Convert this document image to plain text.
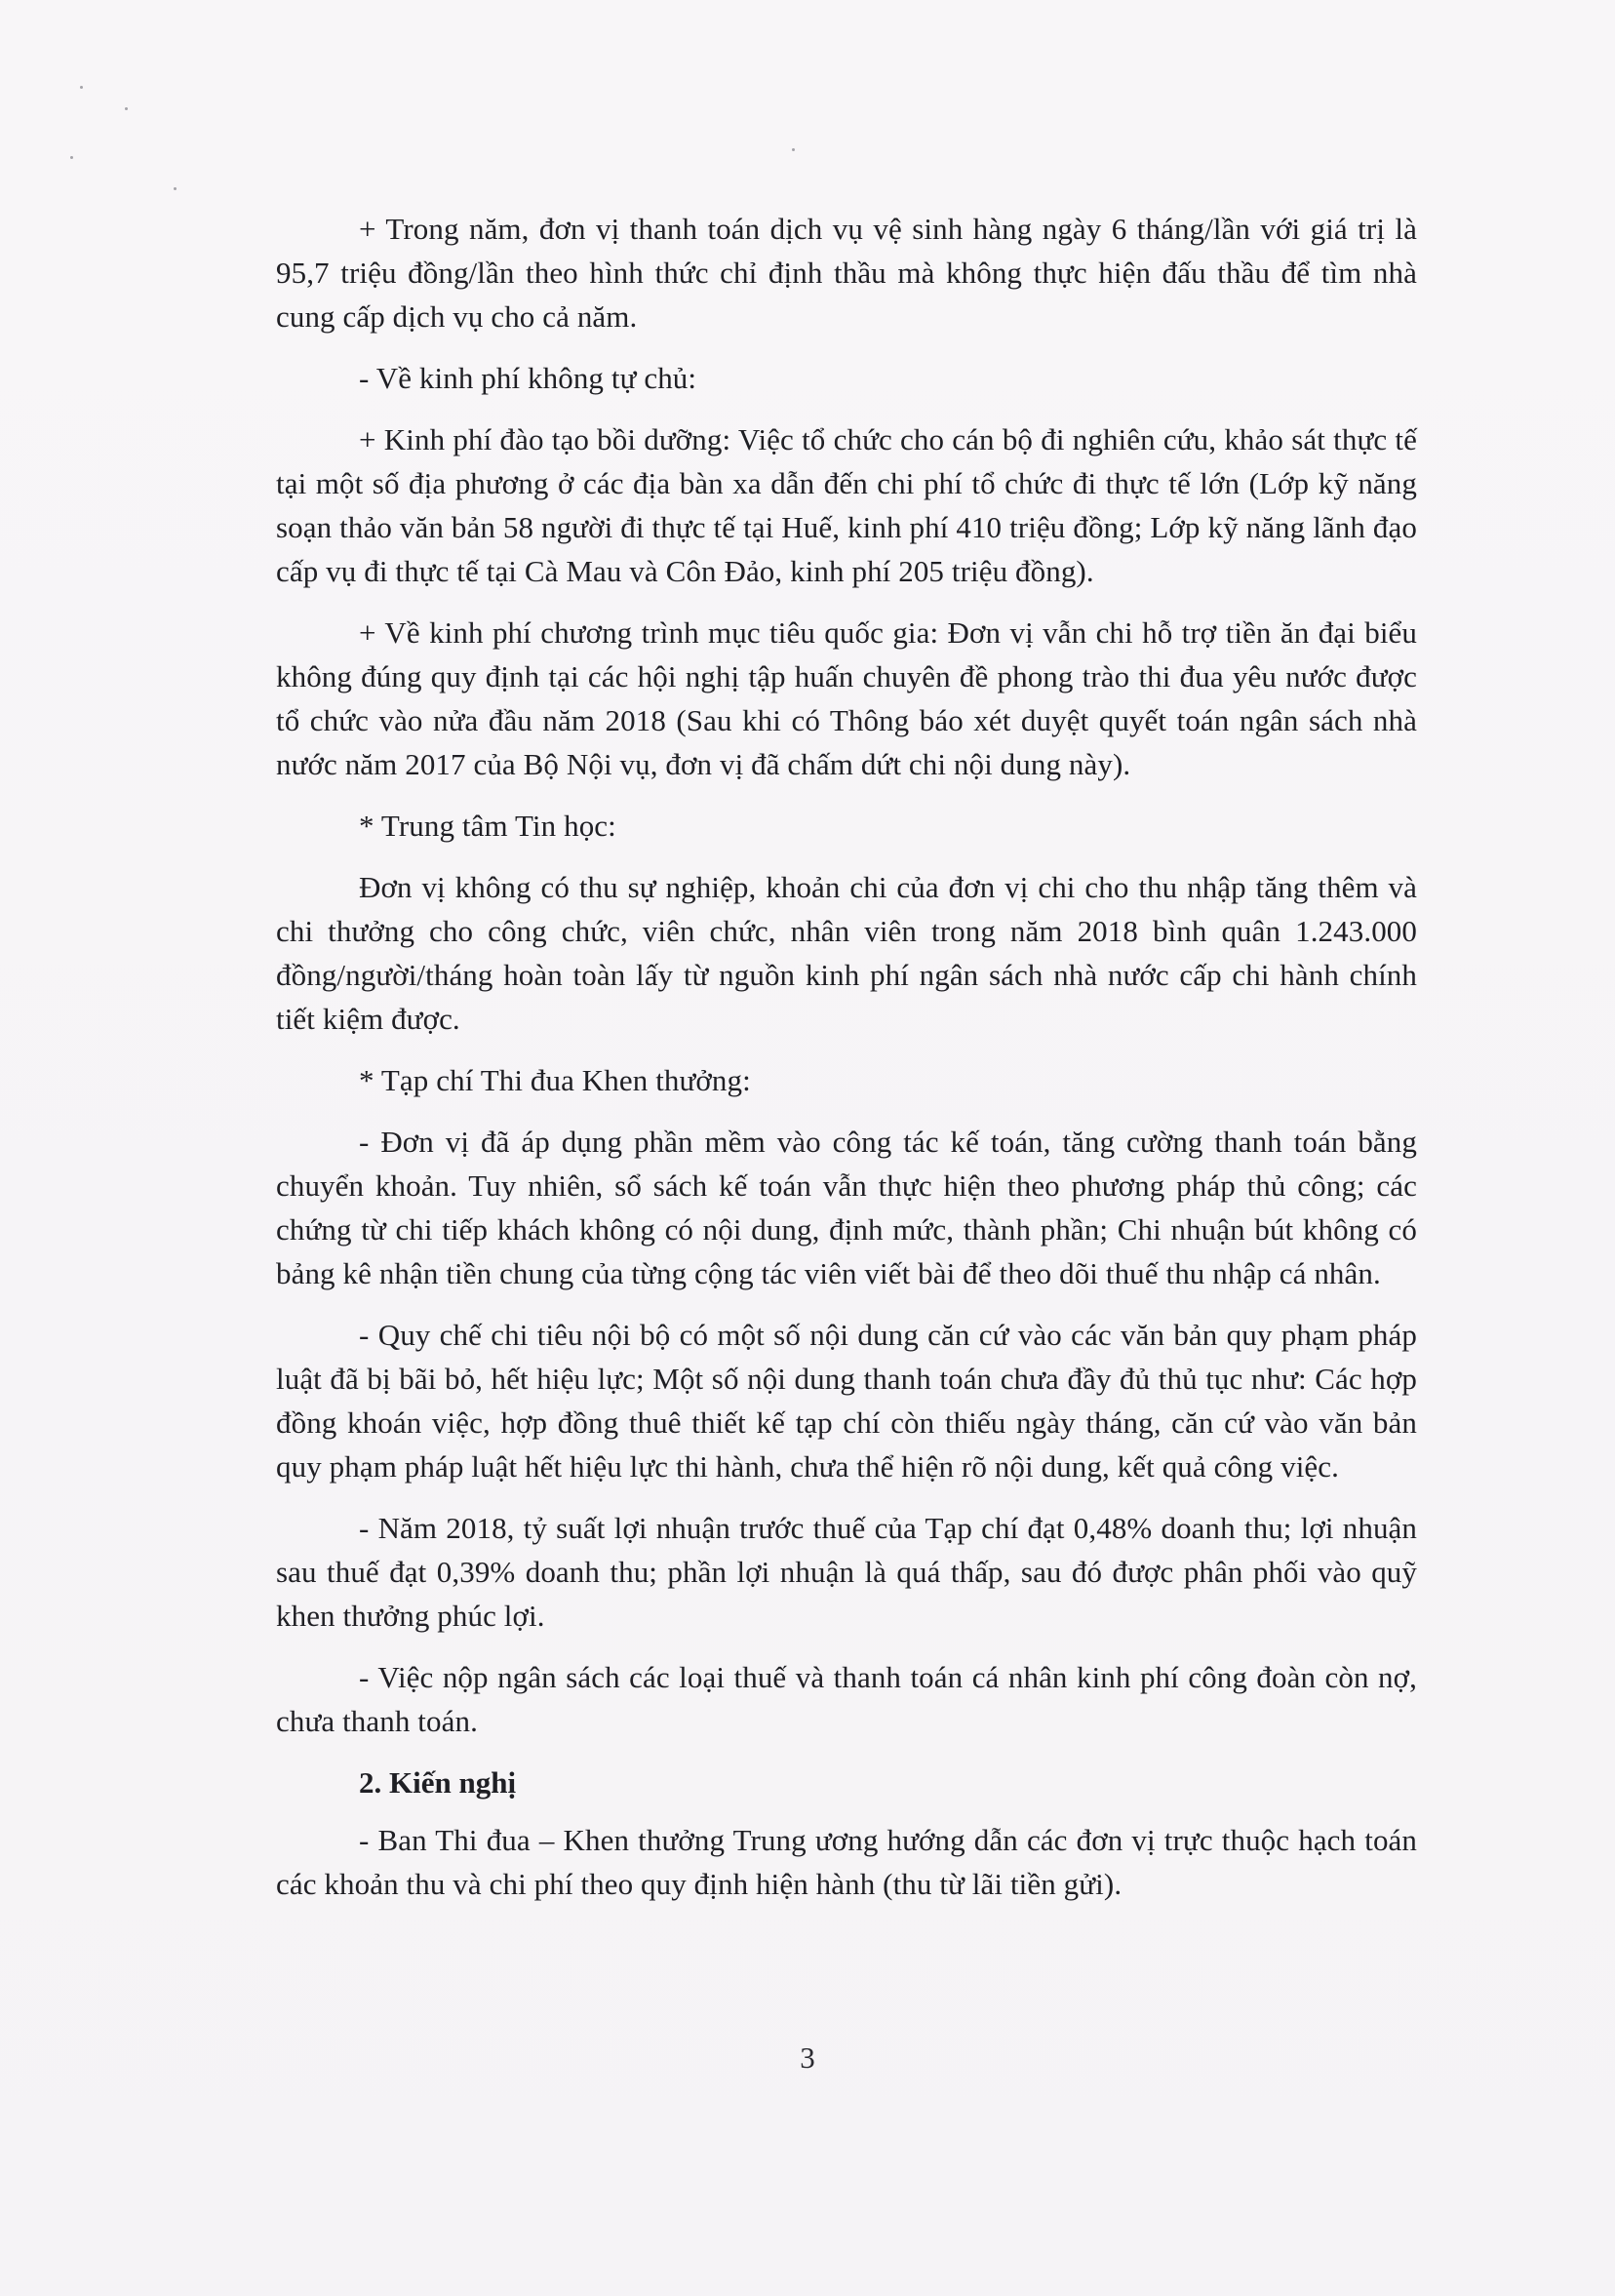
+ Trong năm, đơn vị thanh toán dịch vụ vệ sinh hàng ngày 6 tháng/lần với giá trị là 95,7 triệu đồng/lần theo hình thức chỉ định thầu mà không thực hiện đấu thầu để tìm nhà cung cấp dịch vụ cho cả năm.

- Về kinh phí không tự chủ:

+ Kinh phí đào tạo bồi dưỡng: Việc tổ chức cho cán bộ đi nghiên cứu, khảo sát thực tế tại một số địa phương ở các địa bàn xa dẫn đến chi phí tổ chức đi thực tế lớn (Lớp kỹ năng soạn thảo văn bản 58 người đi thực tế tại Huế, kinh phí 410 triệu đồng; Lớp kỹ năng lãnh đạo cấp vụ đi thực tế tại Cà Mau và Côn Đảo, kinh phí 205 triệu đồng).

+ Về kinh phí chương trình mục tiêu quốc gia: Đơn vị vẫn chi hỗ trợ tiền ăn đại biểu không đúng quy định tại các hội nghị tập huấn chuyên đề phong trào thi đua yêu nước được tổ chức vào nửa đầu năm 2018 (Sau khi có Thông báo xét duyệt quyết toán ngân sách nhà nước năm 2017 của Bộ Nội vụ, đơn vị đã chấm dứt chi nội dung này).

* Trung tâm Tin học:

Đơn vị không có thu sự nghiệp, khoản chi của đơn vị chi cho thu nhập tăng thêm và chi thưởng cho công chức, viên chức, nhân viên trong năm 2018 bình quân 1.243.000 đồng/người/tháng hoàn toàn lấy từ nguồn kinh phí ngân sách nhà nước cấp chi hành chính tiết kiệm được.

* Tạp chí Thi đua Khen thưởng:

- Đơn vị đã áp dụng phần mềm vào công tác kế toán, tăng cường thanh toán bằng chuyển khoản. Tuy nhiên, sổ sách kế toán vẫn thực hiện theo phương pháp thủ công; các chứng từ chi tiếp khách không có nội dung, định mức, thành phần; Chi nhuận bút không có bảng kê nhận tiền chung của từng cộng tác viên viết bài để theo dõi thuế thu nhập cá nhân.

- Quy chế chi tiêu nội bộ có một số nội dung căn cứ vào các văn bản quy phạm pháp luật đã bị bãi bỏ, hết hiệu lực; Một số nội dung thanh toán chưa đầy đủ thủ tục như: Các hợp đồng khoán việc, hợp đồng thuê thiết kế tạp chí còn thiếu ngày tháng, căn cứ vào văn bản quy phạm pháp luật hết hiệu lực thi hành, chưa thể hiện rõ nội dung, kết quả công việc.

- Năm 2018, tỷ suất lợi nhuận trước thuế của Tạp chí đạt 0,48% doanh thu; lợi nhuận sau thuế đạt 0,39% doanh thu; phần lợi nhuận là quá thấp, sau đó được phân phối vào quỹ khen thưởng phúc lợi.

- Việc nộp ngân sách các loại thuế và thanh toán cá nhân kinh phí công đoàn còn nợ, chưa thanh toán.

2. Kiến nghị

- Ban Thi đua – Khen thưởng Trung ương hướng dẫn các đơn vị trực thuộc hạch toán các khoản thu và chi phí theo quy định hiện hành (thu từ lãi tiền gửi).

3
